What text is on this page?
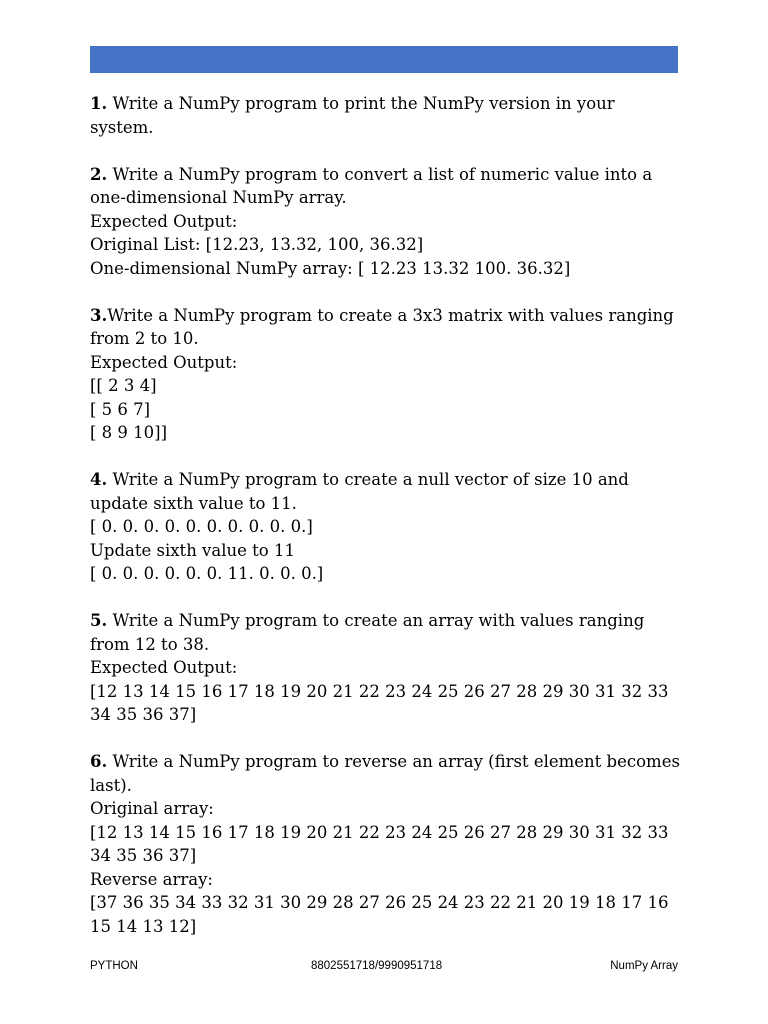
1. Write a NumPy program to print the NumPy version in your system.

2. Write a NumPy program to convert a list of numeric value into a one-dimensional NumPy array.

Expected Output:

Original List: [12.23, 13.32, 100, 36.32]

One-dimensional NumPy array: [ 12.23 13.32 100. 36.32]

3.Write a NumPy program to create a 3x3 matrix with values ranging from 2 to 10.

Expected Output:

[[ 2 3 4]

[ 5 6 7]

[ 8 9 10]]

4. Write a NumPy program to create a null vector of size 10 and update sixth value to 11.

[ 0. 0. 0. 0. 0. 0. 0. 0. 0. 0.]

Update sixth value to 11

[ 0. 0. 0. 0. 0. 0. 11. 0. 0. 0.]

5. Write a NumPy program to create an array with values ranging from 12 to 38.

Expected Output:

[12 13 14 15 16 17 18 19 20 21 22 23 24 25 26 27 28 29 30 31 32 33 34 35 36 37]

6. Write a NumPy program to reverse an array (first element becomes last).

Original array:

[12 13 14 15 16 17 18 19 20 21 22 23 24 25 26 27 28 29 30 31 32 33 34 35 36 37]

Reverse array:

[37 36 35 34 33 32 31 30 29 28 27 26 25 24 23 22 21 20 19 18 17 16 15 14 13 12]

PYTHON	8802551718/9990951718	NumPy Array
